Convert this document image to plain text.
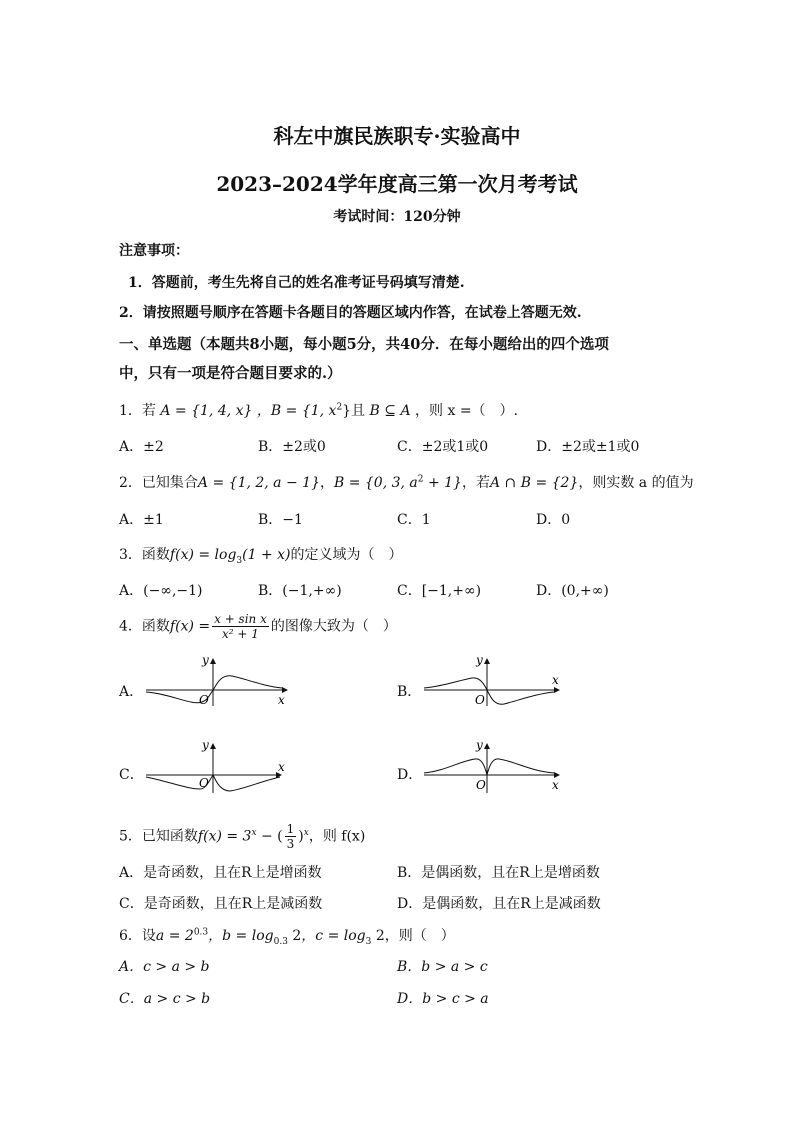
科左中旗民族职专·实验高中
2023–2024学年度高三第一次月考考试
考试时间：120分钟
注意事项：
1．答题前，考生先将自己的姓名准考证号码填写清楚.
2．请按照题号顺序在答题卡各题目的答题区域内作答，在试卷上答题无效.
一、单选题（本题共8小题，每小题5分，共40分．在每小题给出的四个选项
中，只有一项是符合题目要求的.）
1．若 A = {1, 4, x} ，B = {1, $x^2$}且 B ⊆ A ，则 x =（　）.
A．±2	B．±2或0	C．±2或1或0	D．±2或±1或0
2．已知集合A = {1, 2, a − 1}，B = {0, 3, $a^2 + 1$}，若A ∩ B = {2}，则实数 a 的值为
A．±1	B．−1	C．1	D．0
3．函数$f(x) = \log_3(1 + x)$的定义域为（　）
A．(−∞,−1)	B．(−1,+∞)	C．[−1,+∞)	D．(0,+∞)
4．函数$f(x) = \frac{\text{x + sin x}}{\text{x² + 1}}$ 的图像大致为（　）
A．	B．
C．	D．
y
x
O
y
x
O
y
x
O
y
x
O
5．已知函数f(x) = 3$^x$ − ( $\frac{1}{3} )^x$，则 f(x)
A．是奇函数，且在R上是增函数	B．是偶函数，且在R上是增函数
C．是奇函数，且在R上是减函数	D．是偶函数，且在R上是减函数
6．设$a = 2^{0.3}$，$b = \log_{0.3} 2$，$c = \log_3 2$，则（　）
A．c > a > b	B．b > a > c
C．a > c > b	D．b > c > a
